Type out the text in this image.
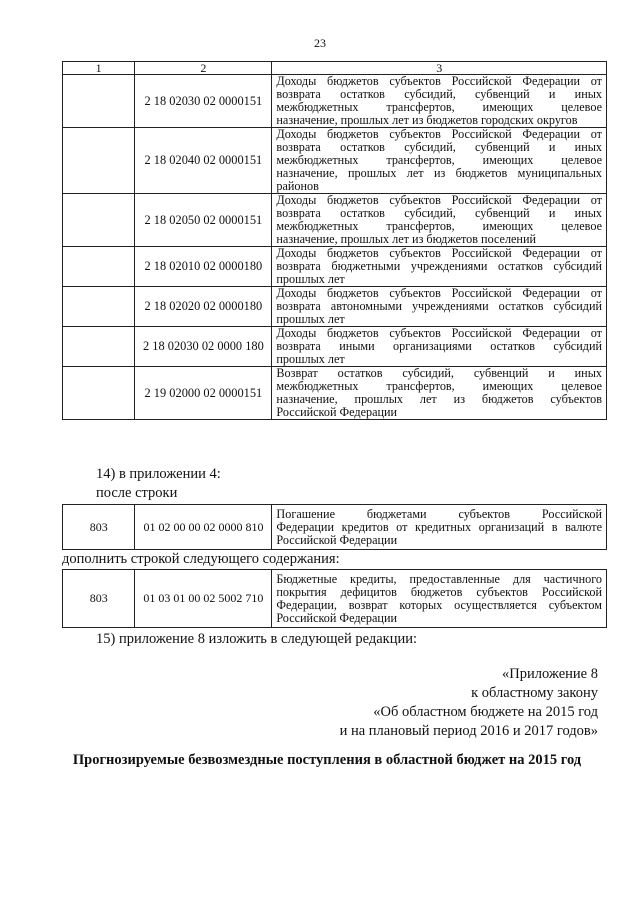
23
1	2	3
	2 18 02030 02 0000151	Доходы бюджетов субъектов Российской Федерации от
возврата остатков субсидий, субвенций и иных
межбюджетных трансфертов, имеющих целевое
назначение, прошлых лет из бюджетов городских округов

	2 18 02040 02 0000151	Доходы бюджетов субъектов Российской Федерации от
возврата остатков субсидий, субвенций и иных
межбюджетных трансфертов, имеющих целевое
назначение, прошлых лет из бюджетов муниципальных
районов

	2 18 02050 02 0000151	Доходы бюджетов субъектов Российской Федерации от
возврата остатков субсидий, субвенций и иных
межбюджетных трансфертов, имеющих целевое
назначение, прошлых лет из бюджетов поселений

	2 18 02010 02 0000180	Доходы бюджетов субъектов Российской Федерации от
возврата бюджетными учреждениями остатков субсидий
прошлых лет

	2 18 02020 02 0000180	Доходы бюджетов субъектов Российской Федерации от
возврата автономными учреждениями остатков субсидий
прошлых лет

	2 18 02030 02 0000 180	Доходы бюджетов субъектов Российской Федерации от
возврата иными организациями остатков субсидий
прошлых лет

	2 19 02000 02 0000151	Возврат остатков субсидий, субвенций и иных
межбюджетных трансфертов, имеющих целевое
назначение, прошлых лет из бюджетов субъектов
Российской Федерации
14) в приложении 4:
после строки
803	01 02 00 00 02 0000 810	
Погашение бюджетами субъектов Российской
Федерации кредитов от кредитных организаций в валюте
Российской Федерации
дополнить строкой следующего содержания:
803	01 03 01 00 02 5002 710	
Бюджетные кредиты, предоставленные для частичного
покрытия дефицитов бюджетов субъектов Российской
Федерации, возврат которых осуществляется субъектом
Российской Федерации
15) приложение 8 изложить в следующей редакции:
«Приложение 8
к областному закону
«Об областном бюджете на 2015 год
и на плановый период 2016 и 2017 годов»
Прогнозируемые безвозмездные поступления в областной бюджет на 2015 год
